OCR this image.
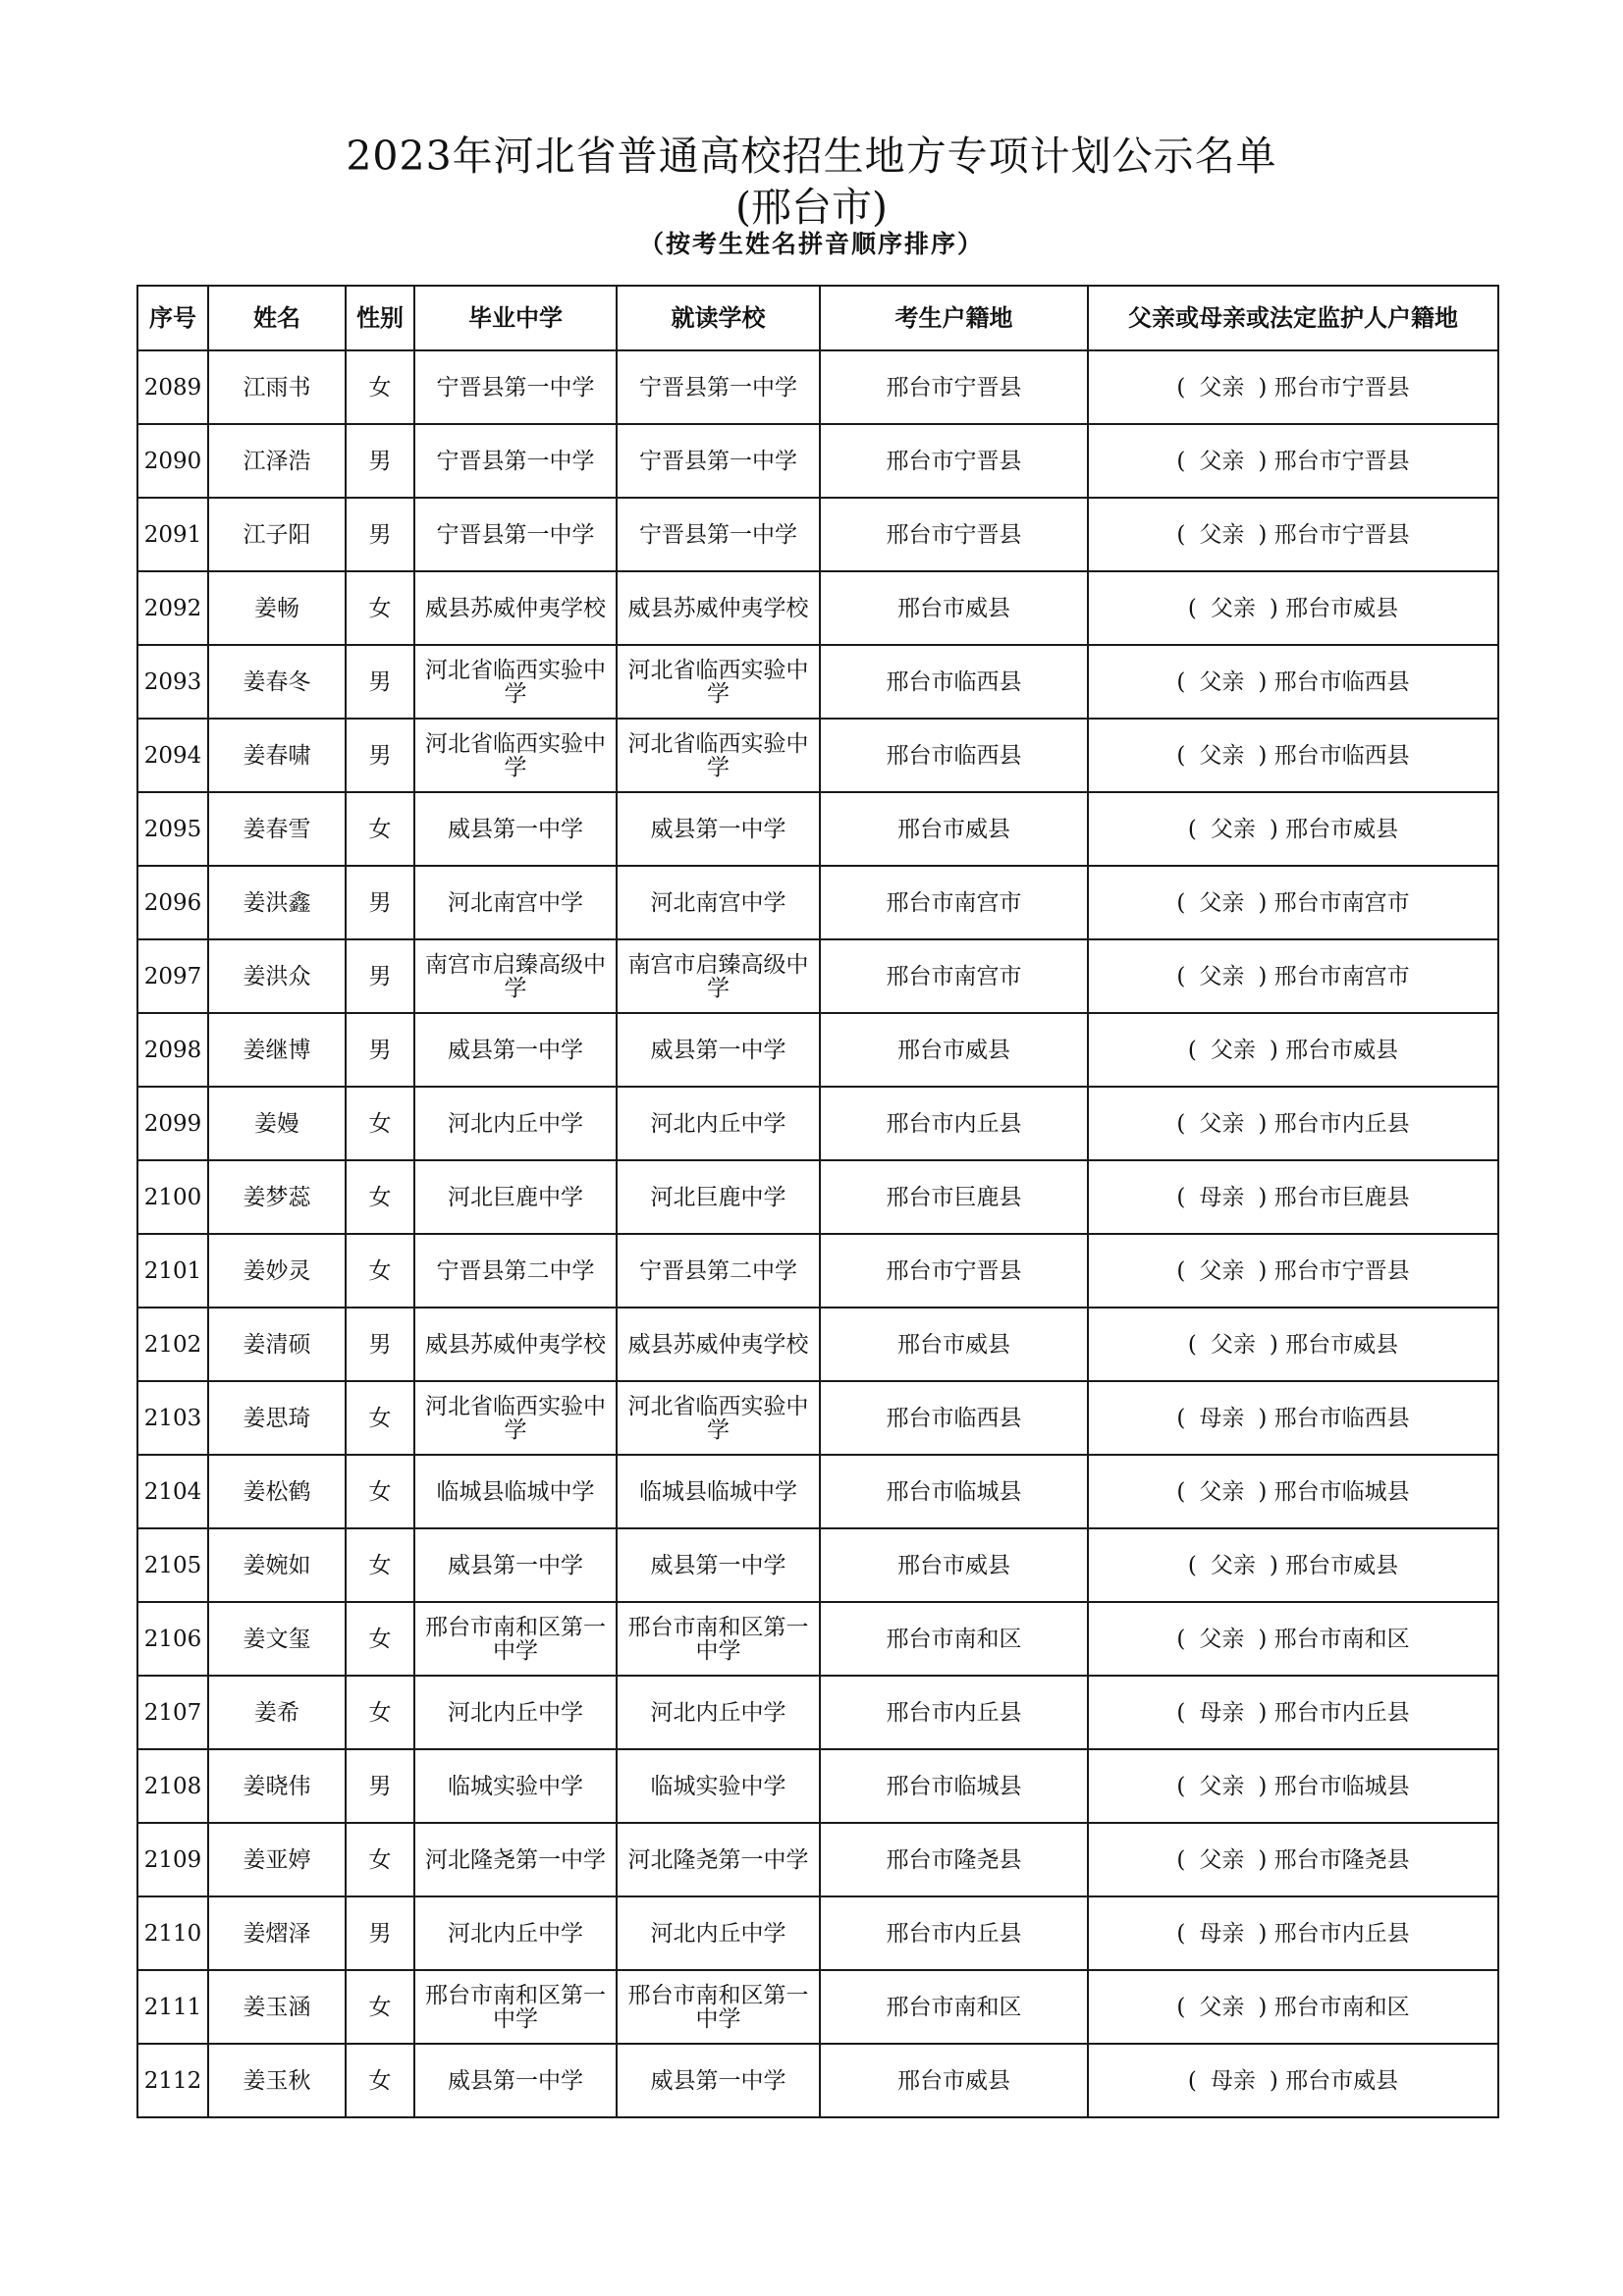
2023年河北省普通高校招生地方专项计划公示名单
(邢台市)
（按考生姓名拼音顺序排序）
序号	姓名	性别	毕业中学	就读学校	考生户籍地	父亲或母亲或法定监护人户籍地
2089	江雨书	女	宁晋县第一中学	宁晋县第一中学	邢台市宁晋县	( 父亲 ) 邢台市宁晋县
2090	江泽浩	男	宁晋县第一中学	宁晋县第一中学	邢台市宁晋县	( 父亲 ) 邢台市宁晋县
2091	江子阳	男	宁晋县第一中学	宁晋县第一中学	邢台市宁晋县	( 父亲 ) 邢台市宁晋县
2092	姜畅	女	威县苏威仲夷学校	威县苏威仲夷学校	邢台市威县	( 父亲 ) 邢台市威县
2093	姜春冬	男	河北省临西实验中学	河北省临西实验中学	邢台市临西县	( 父亲 ) 邢台市临西县
2094	姜春啸	男	河北省临西实验中学	河北省临西实验中学	邢台市临西县	( 父亲 ) 邢台市临西县
2095	姜春雪	女	威县第一中学	威县第一中学	邢台市威县	( 父亲 ) 邢台市威县
2096	姜洪鑫	男	河北南宫中学	河北南宫中学	邢台市南宫市	( 父亲 ) 邢台市南宫市
2097	姜洪众	男	南宫市启臻高级中学	南宫市启臻高级中学	邢台市南宫市	( 父亲 ) 邢台市南宫市
2098	姜继博	男	威县第一中学	威县第一中学	邢台市威县	( 父亲 ) 邢台市威县
2099	姜嫚	女	河北内丘中学	河北内丘中学	邢台市内丘县	( 父亲 ) 邢台市内丘县
2100	姜梦蕊	女	河北巨鹿中学	河北巨鹿中学	邢台市巨鹿县	( 母亲 ) 邢台市巨鹿县
2101	姜妙灵	女	宁晋县第二中学	宁晋县第二中学	邢台市宁晋县	( 父亲 ) 邢台市宁晋县
2102	姜清硕	男	威县苏威仲夷学校	威县苏威仲夷学校	邢台市威县	( 父亲 ) 邢台市威县
2103	姜思琦	女	河北省临西实验中学	河北省临西实验中学	邢台市临西县	( 母亲 ) 邢台市临西县
2104	姜松鹤	女	临城县临城中学	临城县临城中学	邢台市临城县	( 父亲 ) 邢台市临城县
2105	姜婉如	女	威县第一中学	威县第一中学	邢台市威县	( 父亲 ) 邢台市威县
2106	姜文玺	女	邢台市南和区第一中学	邢台市南和区第一中学	邢台市南和区	( 父亲 ) 邢台市南和区
2107	姜希	女	河北内丘中学	河北内丘中学	邢台市内丘县	( 母亲 ) 邢台市内丘县
2108	姜晓伟	男	临城实验中学	临城实验中学	邢台市临城县	( 父亲 ) 邢台市临城县
2109	姜亚婷	女	河北隆尧第一中学	河北隆尧第一中学	邢台市隆尧县	( 父亲 ) 邢台市隆尧县
2110	姜熠泽	男	河北内丘中学	河北内丘中学	邢台市内丘县	( 母亲 ) 邢台市内丘县
2111	姜玉涵	女	邢台市南和区第一中学	邢台市南和区第一中学	邢台市南和区	( 父亲 ) 邢台市南和区
2112	姜玉秋	女	威县第一中学	威县第一中学	邢台市威县	( 母亲 ) 邢台市威县
